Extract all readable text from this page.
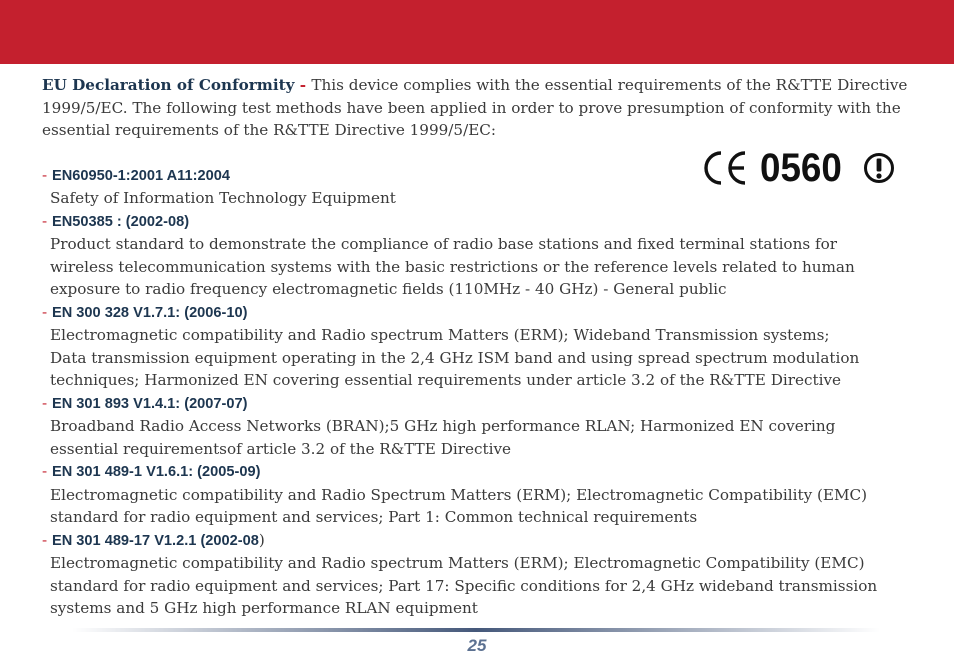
EU Declaration of Conformity - This device complies with the essential requirements of the R&TTE Directive 1999/5/EC. The following test methods have been applied in order to prove presumption of conformity with the essential requirements of the R&TTE Directive 1999/5/EC:
- EN60950-1:2001 A11:2004
Safety of Information Technology Equipment
- EN50385 : (2002-08)
Product standard to demonstrate the compliance of radio base stations and fixed terminal stations for
wireless telecommunication systems with the basic restrictions or the reference levels related to human
exposure to radio frequency electromagnetic fields (110MHz - 40 GHz) - General public
- EN 300 328 V1.7.1: (2006-10)
Electromagnetic compatibility and Radio spectrum Matters (ERM); Wideband Transmission systems;
Data transmission equipment operating in the 2,4 GHz ISM band and using spread spectrum modulation
techniques; Harmonized EN covering essential requirements under article 3.2 of the R&TTE Directive
- EN 301 893 V1.4.1: (2007-07)
Broadband Radio Access Networks (BRAN);5 GHz high performance RLAN; Harmonized EN covering
essential requirementsof article 3.2 of the R&TTE Directive
- EN 301 489-1 V1.6.1: (2005-09)
Electromagnetic compatibility and Radio Spectrum Matters (ERM); Electromagnetic Compatibility (EMC)
standard for radio equipment and services; Part 1: Common technical requirements
- EN 301 489-17 V1.2.1 (2002-08)
Electromagnetic compatibility and Radio spectrum Matters (ERM); Electromagnetic Compatibility (EMC)
standard for radio equipment and services; Part 17: Specific conditions for 2,4 GHz wideband transmission
systems and 5 GHz high performance RLAN equipment
0560
25
